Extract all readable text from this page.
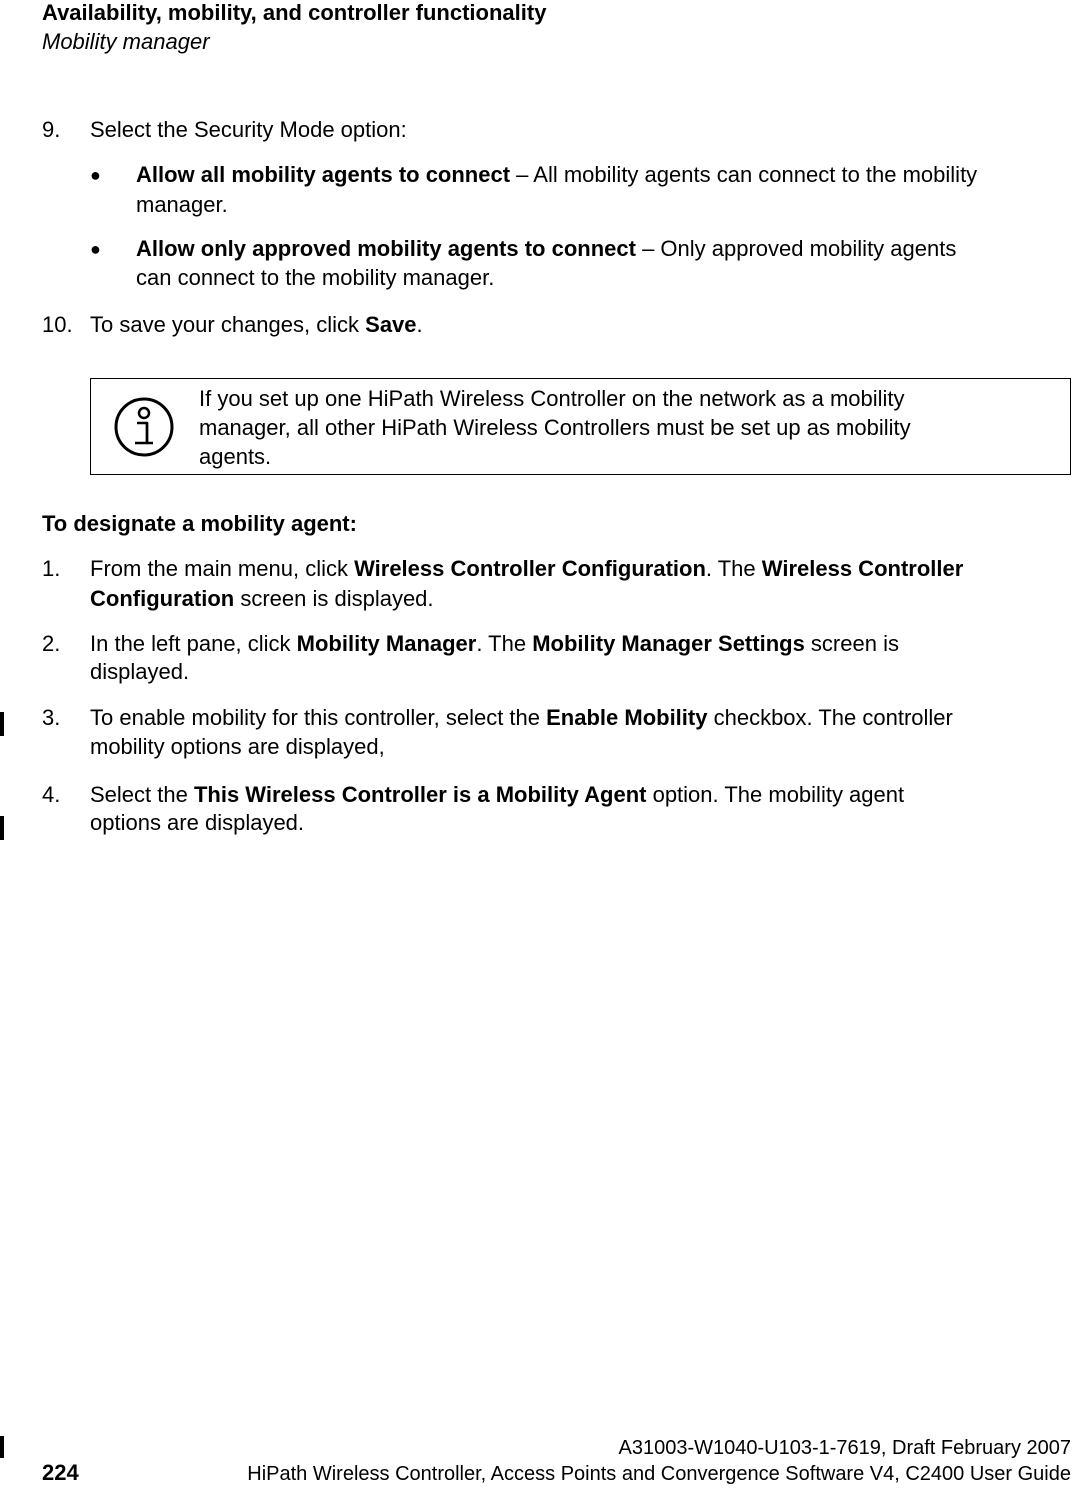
Availability, mobility, and controller functionality
Mobility manager
9. Select the Security Mode option:
● Allow all mobility agents to connect – All mobility agents can connect to the mobility
manager.
● Allow only approved mobility agents to connect – Only approved mobility agents
can connect to the mobility manager.
10. To save your changes, click Save.
If you set up one HiPath Wireless Controller on the network as a mobility
manager, all other HiPath Wireless Controllers must be set up as mobility
agents.
To designate a mobility agent:
1. From the main menu, click Wireless Controller Configuration. The Wireless Controller
Configuration screen is displayed.
2. In the left pane, click Mobility Manager. The Mobility Manager Settings screen is
displayed.
3. To enable mobility for this controller, select the Enable Mobility checkbox. The controller
mobility options are displayed,
4. Select the This Wireless Controller is a Mobility Agent option. The mobility agent
options are displayed.
A31003-W1040-U103-1-7619, Draft February 2007
224	HiPath Wireless Controller, Access Points and Convergence Software V4, C2400 User Guide
